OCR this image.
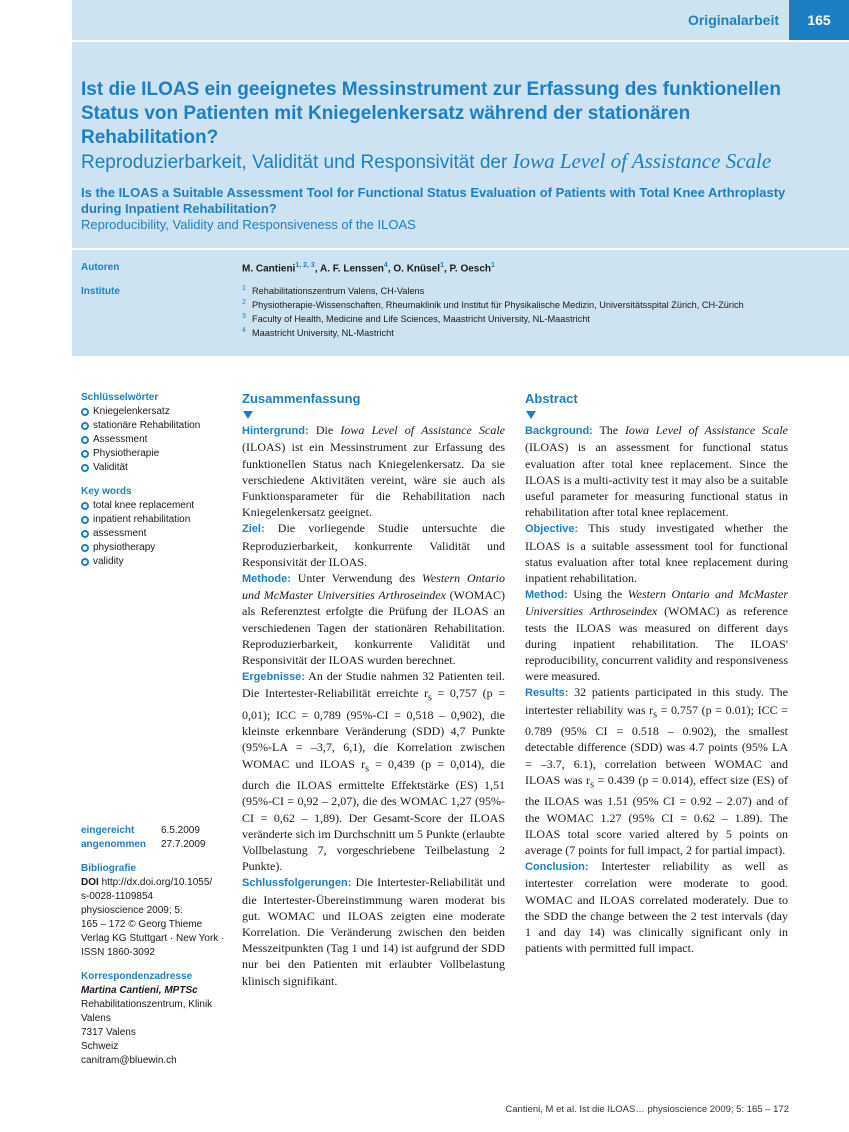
Originalarbeit	165
Ist die ILOAS ein geeignetes Messinstrument zur Erfassung des funktionellen Status von Patienten mit Kniegelenkersatz während der stationären Rehabilitation?
Reproduzierbarkeit, Validität und Responsivität der Iowa Level of Assistance Scale
Is the ILOAS a Suitable Assessment Tool for Functional Status Evaluation of Patients with Total Knee Arthroplasty during Inpatient Rehabilitation?
Reproducibility, Validity and Responsiveness of the ILOAS
Autoren
Institute
M. Cantieni$^{1, 2, 3}$, A. F. Lenssen$^4$, O. Knüsel$^1$, P. Oesch$^1$
$^1$ Rehabilitationszentrum Valens, CH-Valens
$^2$ Physiotherapie-Wissenschaften, Rheumaklinik und Institut für Physikalische Medizin, Universitätsspital Zürich, CH-Zürich
$^3$ Faculty of Health, Medicine and Life Sciences, Maastricht University, NL-Maastricht
$^4$ Maastricht University, NL-Mastricht
Schlüsselwörter
Kniegelenkersatz
stationäre Rehabilitation
Assessment
Physiotherapie
Validität
Key words
total knee replacement
inpatient rehabilitation
assessment
physiotherapy
validity
eingereicht	6.5.2009
angenommen 27.7.2009
Bibliografie
DOI http://dx.doi.org/10.1055/
s-0028-1109854
physioscience 2009; 5:
165 – 172 © Georg Thieme
Verlag KG Stuttgart · New York ·
ISSN 1860-3092
Korrespondenzadresse
Martina Cantieni, MPTSc
Rehabilitationszentrum, Klinik
Valens
7317 Valens
Schweiz
canitram@bluewin.ch
Zusammenfassung

Hintergrund: Die Iowa Level of Assistance Scale (ILOAS) ist ein Messinstrument zur Erfassung des funktionellen Status nach Kniegelenkersatz. Da sie verschiedene Aktivitäten vereint, wäre sie auch als Funktionsparameter für die Rehabilitation nach Kniegelenkersatz geeignet.

Ziel: Die vorliegende Studie untersuchte die Reproduzierbarkeit, konkurrente Validität und Responsivität der ILOAS.

Methode: Unter Verwendung des Western Ontario und McMaster Universities Arthroseindex (WOMAC) als Referenztest erfolgte die Prüfung der ILOAS an verschiedenen Tagen der stationären Rehabilitation. Reproduzierbarkeit, konkurrente Validität und Responsivität der ILOAS wurden berechnet.

Ergebnisse: An der Studie nahmen 32 Patienten teil. Die Intertester-Reliabilität erreichte $r_s = 0,757$ (p = 0,01); ICC = 0,789 (95%-CI = 0,518 – 0,902), die kleinste erkennbare Veränderung (SDD) 4,7 Punkte (95%-LA = –3,7, 6,1), die Korrelation zwischen WOMAC und ILOAS $r_s = 0,439$ (p = 0,014), die durch die ILOAS ermittelte Effektstärke (ES) 1,51 (95%-CI = 0,92 – 2,07), die des WOMAC 1,27 (95%-CI = 0,62 – 1,89). Der Gesamt-Score der ILOAS veränderte sich im Durchschnitt um 5 Punkte (erlaubte Vollbelastung 7, vorgeschriebene Teilbelastung 2 Punkte).

Schlussfolgerungen: Die Intertester-Reliabilität und die Intertester-Übereinstimmung waren moderat bis gut. WOMAC und ILOAS zeigten eine moderate Korrelation. Die Veränderung zwischen den beiden Messzeitpunkten (Tag 1 und 14) ist aufgrund der SDD nur bei den Patienten mit erlaubter Vollbelastung klinisch signifikant.

Abstract

Background: The Iowa Level of Assistance Scale (ILOAS) is an assessment for functional status evaluation after total knee replacement. Since the ILOAS is a multi-activity test it may also be a suitable useful parameter for measuring functional status in rehabilitation after total knee replacement.

Objective: This study investigated whether the ILOAS is a suitable assessment tool for functional status evaluation after total knee replacement during inpatient rehabilitation.

Method: Using the Western Ontario and McMaster Universities Arthroseindex (WOMAC) as reference tests the ILOAS was measured on different days during inpatient rehabilitation. The ILOAS' reproducibility, concurrent validity and responsiveness were measured.

Results: 32 patients participated in this study. The intertester reliability was $r_s = 0.757$ (p = 0.01); ICC = 0.789 (95% CI = 0.518 – 0.902), the smallest detectable difference (SDD) was 4.7 points (95% LA = –3.7, 6.1), correlation between WOMAC and ILOAS was $r_s = 0.439$ (p = 0.014), effect size (ES) of the ILOAS was 1.51 (95% CI = 0.92 – 2.07) and of the WOMAC 1.27 (95% CI = 0.62 – 1.89). The ILOAS total score varied altered by 5 points on average (7 points for full impact, 2 for partial impact).

Conclusion: Intertester reliability as well as intertester correlation were moderate to good. WOMAC and ILOAS correlated moderately. Due to the SDD the change between the 2 test intervals (day 1 and day 14) was clinically significant only in patients with permitted full impact.

Cantieni, M et al. Ist die ILOAS… physioscience 2009; 5: 165 – 172
